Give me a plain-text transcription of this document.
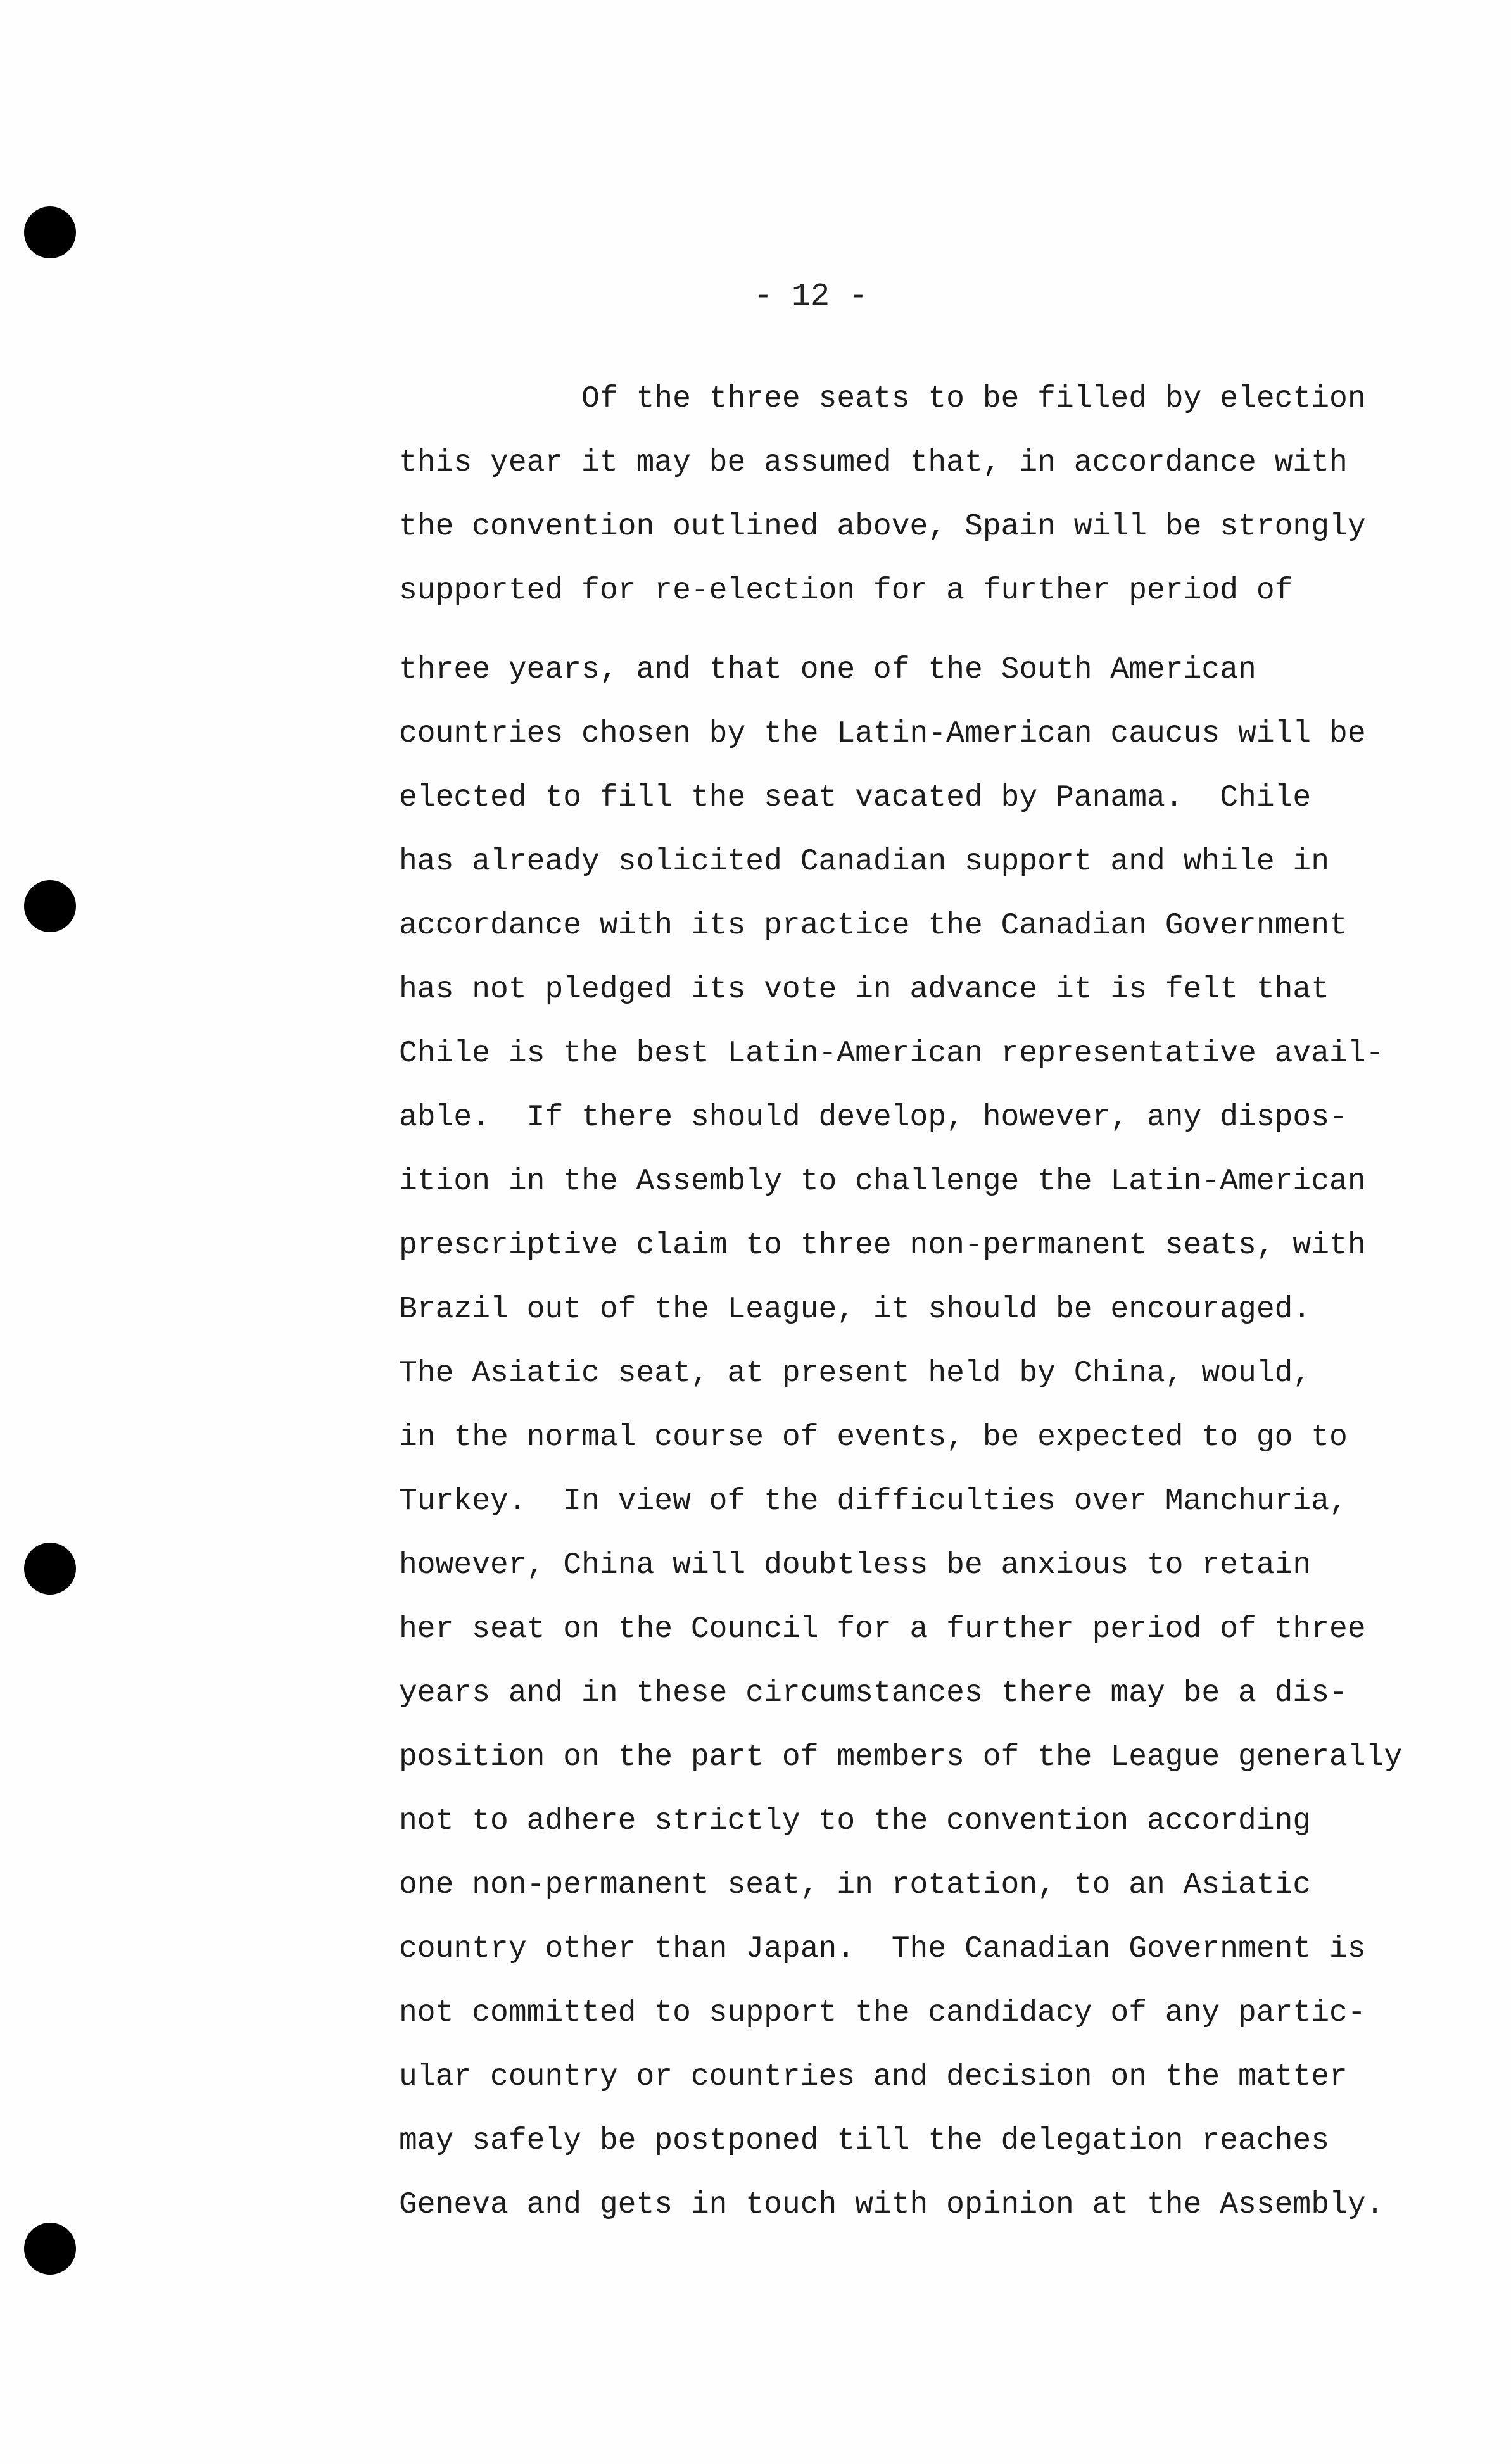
- 12 -
Of the three seats to be filled by election
this year it may be assumed that, in accordance with
the convention outlined above, Spain will be strongly
supported for re-election for a further period of
three years, and that one of the South American
countries chosen by the Latin-American caucus will be
elected to fill the seat vacated by Panama.  Chile
has already solicited Canadian support and while in
accordance with its practice the Canadian Government
has not pledged its vote in advance it is felt that
Chile is the best Latin-American representative avail-
able.  If there should develop, however, any dispos-
ition in the Assembly to challenge the Latin-American
prescriptive claim to three non-permanent seats, with
Brazil out of the League, it should be encouraged.
The Asiatic seat, at present held by China, would,
in the normal course of events, be expected to go to
Turkey.  In view of the difficulties over Manchuria,
however, China will doubtless be anxious to retain
her seat on the Council for a further period of three
years and in these circumstances there may be a dis-
position on the part of members of the League generally
not to adhere strictly to the convention according
one non-permanent seat, in rotation, to an Asiatic
country other than Japan.  The Canadian Government is
not committed to support the candidacy of any partic-
ular country or countries and decision on the matter
may safely be postponed till the delegation reaches
Geneva and gets in touch with opinion at the Assembly.
